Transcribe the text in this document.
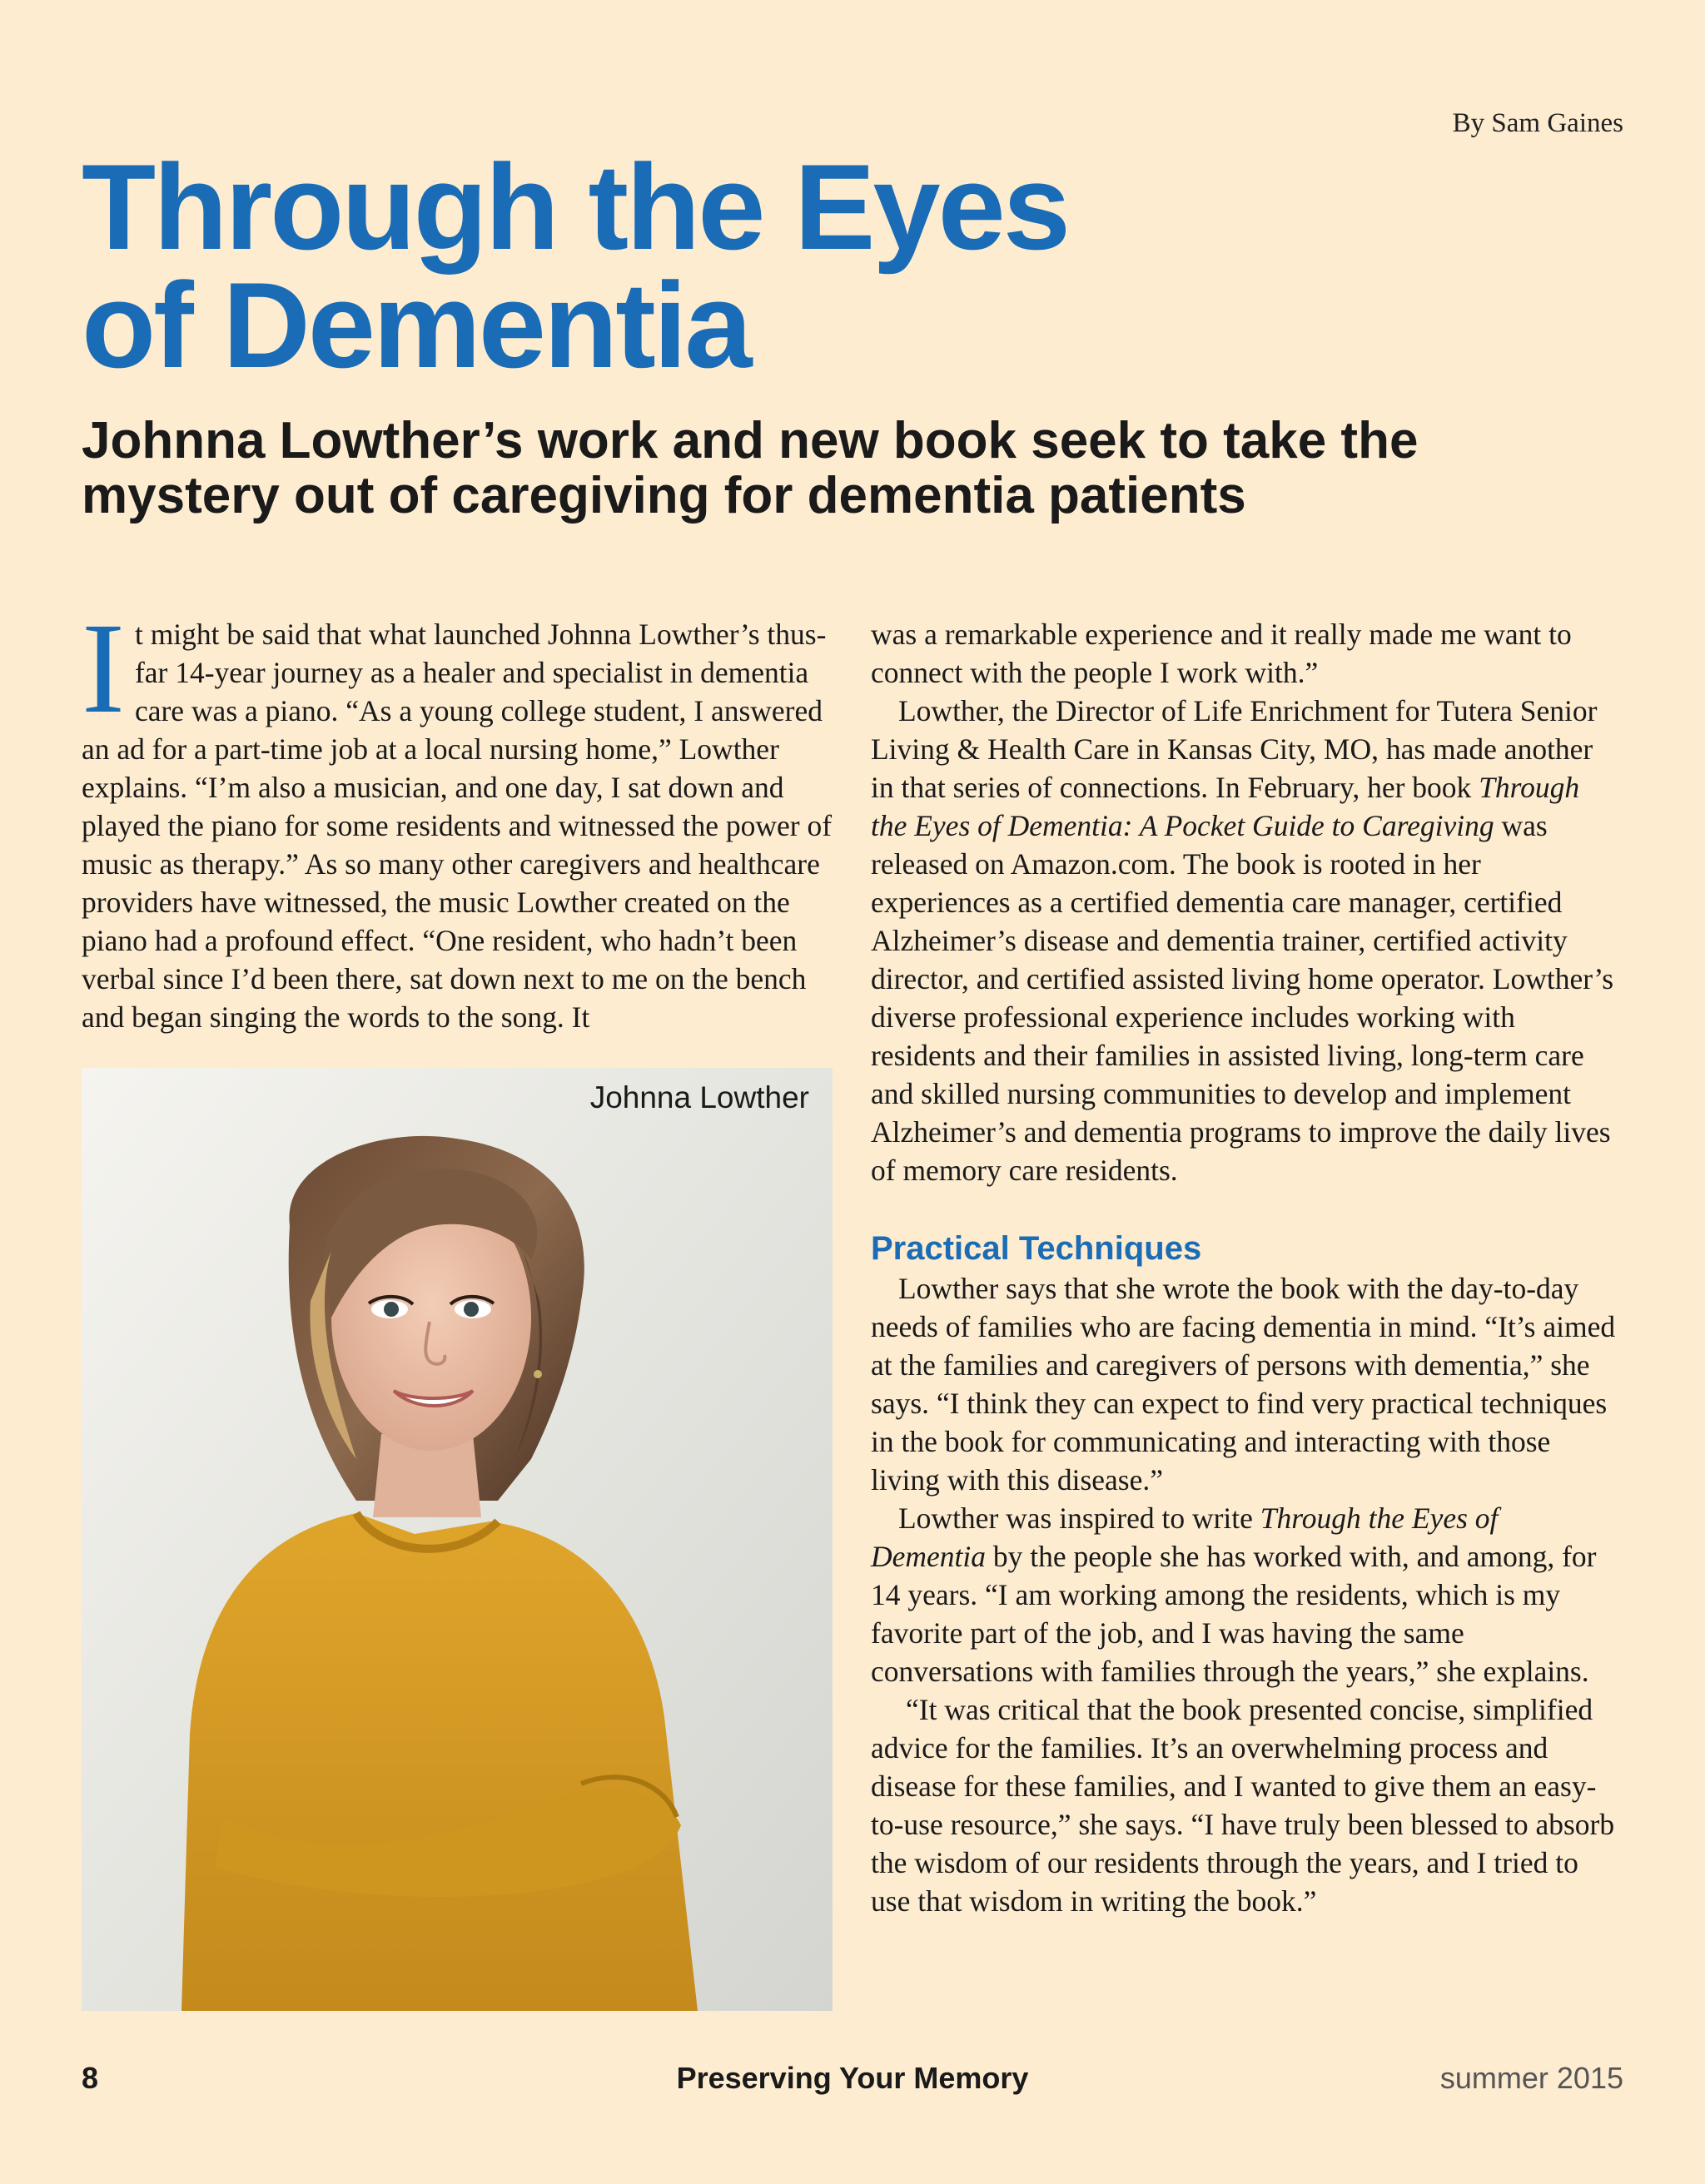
By Sam Gaines
Through the Eyes
of Dementia
Johnna Lowther’s work and new book seek to take the mystery out of caregiving for dementia patients

It might be said that what launched Johnna Lowther’s thus-far 14-year journey as a healer and specialist in dementia care was a piano. “As a young college student, I answered an ad for a part-time job at a local nursing home,” Lowther explains. “I’m also a musician, and one day, I sat down and played the piano for some residents and witnessed the power of music as therapy.” As so many other caregivers and healthcare providers have witnessed, the music Lowther created on the piano had a profound effect. “One resident, who hadn’t been verbal since I’d been there, sat down next to me on the bench and began singing the words to the song. It

Johnna Lowther

was a remarkable experience and it really made me want to connect with the people I work with.”

Lowther, the Director of Life Enrichment for Tutera Senior Living & Health Care in Kansas City, MO, has made another in that series of connections. In February, her book Through the Eyes of Dementia: A Pocket Guide to Caregiving was released on Amazon.com. The book is rooted in her experiences as a certified dementia care manager, certified Alzheimer’s disease and dementia trainer, certified activity director, and certified assisted living home operator. Lowther’s diverse professional experience includes working with residents and their families in assisted living, long-term care and skilled nursing communities to develop and implement Alzheimer’s and dementia programs to improve the daily lives of memory care residents.

Practical Techniques

Lowther says that she wrote the book with the day-to-day needs of families who are facing dementia in mind. “It’s aimed at the families and caregivers of persons with dementia,” she says. “I think they can expect to find very practical techniques in the book for communicating and interacting with those living with this disease.”

Lowther was inspired to write Through the Eyes of Dementia by the people she has worked with, and among, for 14 years. “I am working among the residents, which is my favorite part of the job, and I was having the same conversations with families through the years,” she explains.

“It was critical that the book presented concise, simplified advice for the families. It’s an overwhelming process and disease for these families, and I wanted to give them an easy-to-use resource,” she says. “I have truly been blessed to absorb the wisdom of our residents through the years, and I tried to use that wisdom in writing the book.”

8	Preserving Your Memory	summer 2015
